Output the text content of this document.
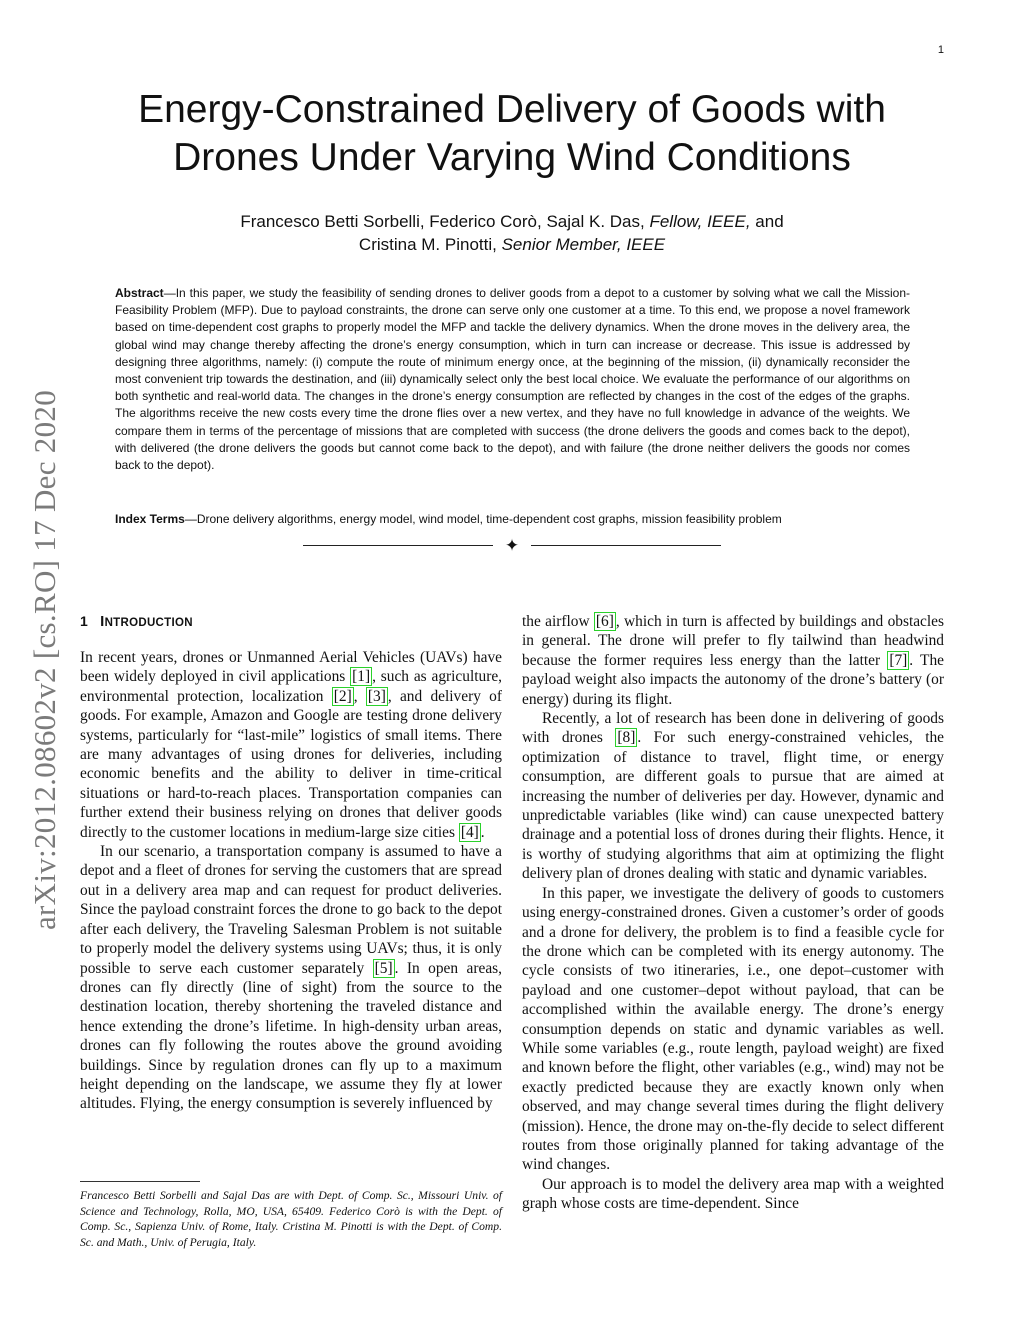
1
arXiv:2012.08602v2 [cs.RO] 17 Dec 2020
Energy-Constrained Delivery of Goods with
Drones Under Varying Wind Conditions
Francesco Betti Sorbelli, Federico Corò, Sajal K. Das, Fellow, IEEE, and
Cristina M. Pinotti, Senior Member, IEEE

Abstract—In this paper, we study the feasibility of sending drones to deliver goods from a depot to a customer by solving what we call the Mission-Feasibility Problem (MFP). Due to payload constraints, the drone can serve only one customer at a time. To this end, we propose a novel framework based on time-dependent cost graphs to properly model the MFP and tackle the delivery dynamics. When the drone moves in the delivery area, the global wind may change thereby affecting the drone’s energy consumption, which in turn can increase or decrease. This issue is addressed by designing three algorithms, namely: (i) compute the route of minimum energy once, at the beginning of the mission, (ii) dynamically reconsider the most convenient trip towards the destination, and (iii) dynamically select only the best local choice. We evaluate the performance of our algorithms on both synthetic and real-world data. The changes in the drone’s energy consumption are reflected by changes in the cost of the edges of the graphs. The algorithms receive the new costs every time the drone flies over a new vertex, and they have no full knowledge in advance of the weights. We compare them in terms of the percentage of missions that are completed with success (the drone delivers the goods and comes back to the depot), with delivered (the drone delivers the goods but cannot come back to the depot), and with failure (the drone neither delivers the goods nor comes back to the depot).

Index Terms—Drone delivery algorithms, energy model, wind model, time-dependent cost graphs, mission feasibility problem

✦
1 INTRODUCTION

In recent years, drones or Unmanned Aerial Vehicles (UAVs) have been widely deployed in civil applications [1] , such as agriculture, environmental protection, localization [2] , [3] , and delivery of goods. For example, Amazon and Google are testing drone delivery systems, particularly for “last-mile” logistics of small items. There are many advantages of using drones for deliveries, including economic benefits and the ability to deliver in time-critical situations or hard-to-reach places. Transportation companies can further extend their business relying on drones that deliver goods directly to the customer locations in medium-large size cities [4] .

In our scenario, a transportation company is assumed to have a depot and a fleet of drones for serving the customers that are spread out in a delivery area map and can request for product deliveries. Since the payload constraint forces the drone to go back to the depot after each delivery, the Traveling Salesman Problem is not suitable to properly model the delivery systems using UAVs; thus, it is only possible to serve each customer separately [5] . In open areas, drones can fly directly (line of sight) from the source to the destination location, thereby shortening the traveled distance and hence extending the drone’s lifetime. In high-density urban areas, drones can fly following the routes above the ground avoiding buildings. Since by regulation drones can fly up to a maximum height depending on the landscape, we assume they fly at lower altitudes. Flying, the energy consumption is severely influenced by

Francesco Betti Sorbelli and Sajal Das are with Dept. of Comp. Sc., Missouri Univ. of Science and Technology, Rolla, MO, USA, 65409. Federico Corò is with the Dept. of Comp. Sc., Sapienza Univ. of Rome, Italy. Cristina M. Pinotti is with the Dept. of Comp. Sc. and Math., Univ. of Perugia, Italy.

the airflow [6] , which in turn is affected by buildings and obstacles in general. The drone will prefer to fly tailwind than headwind because the former requires less energy than the latter [7] . The payload weight also impacts the autonomy of the drone’s battery (or energy) during its flight.

Recently, a lot of research has been done in delivering of goods with drones [8] . For such energy-constrained vehicles, the optimization of distance to travel, flight time, or energy consumption, are different goals to pursue that are aimed at increasing the number of deliveries per day. However, dynamic and unpredictable variables (like wind) can cause unexpected battery drainage and a potential loss of drones during their flights. Hence, it is worthy of studying algorithms that aim at optimizing the flight delivery plan of drones dealing with static and dynamic variables.

In this paper, we investigate the delivery of goods to customers using energy-constrained drones. Given a customer’s order of goods and a drone for delivery, the problem is to find a feasible cycle for the drone which can be completed with its energy autonomy. The cycle consists of two itineraries, i.e., one depot–customer with payload and one customer–depot without payload, that can be accomplished within the available energy. The drone’s energy consumption depends on static and dynamic variables as well. While some variables (e.g., route length, payload weight) are fixed and known before the flight, other variables (e.g., wind) may not be exactly predicted because they are exactly known only when observed, and may change several times during the flight delivery (mission). Hence, the drone may on-the-fly decide to select different routes from those originally planned for taking advantage of the wind changes.

Our approach is to model the delivery area map with a weighted graph whose costs are time-dependent. Since
